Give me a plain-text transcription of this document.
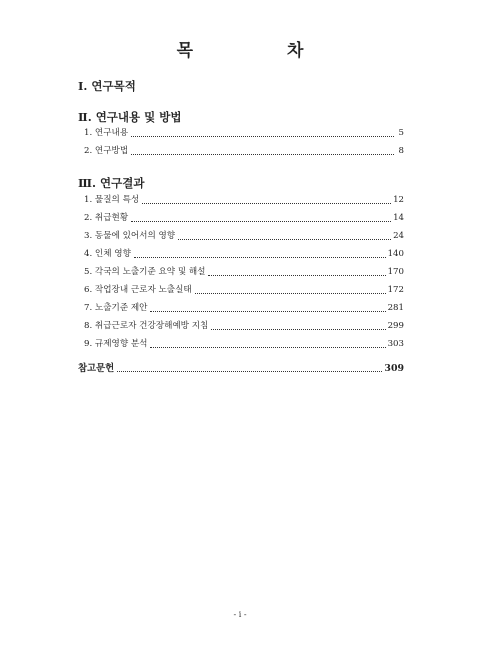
목 차
Ⅰ. 연구목적
Ⅱ. 연구내용 및 방법
1. 연구내용	5
2. 연구방법	8
Ⅲ. 연구결과
1. 물질의 특성	12
2. 취급현황	14
3. 동물에 있어서의 영향	24
4. 인체 영향	140
5. 각국의 노출기준 요약 및 해설	170
6. 작업장내 근로자 노출실태	172
7. 노출기준 제안	281
8. 취급근로자 건강장해예방 지침	299
9. 규제영향 분석	303
참고문헌	309
- i -
